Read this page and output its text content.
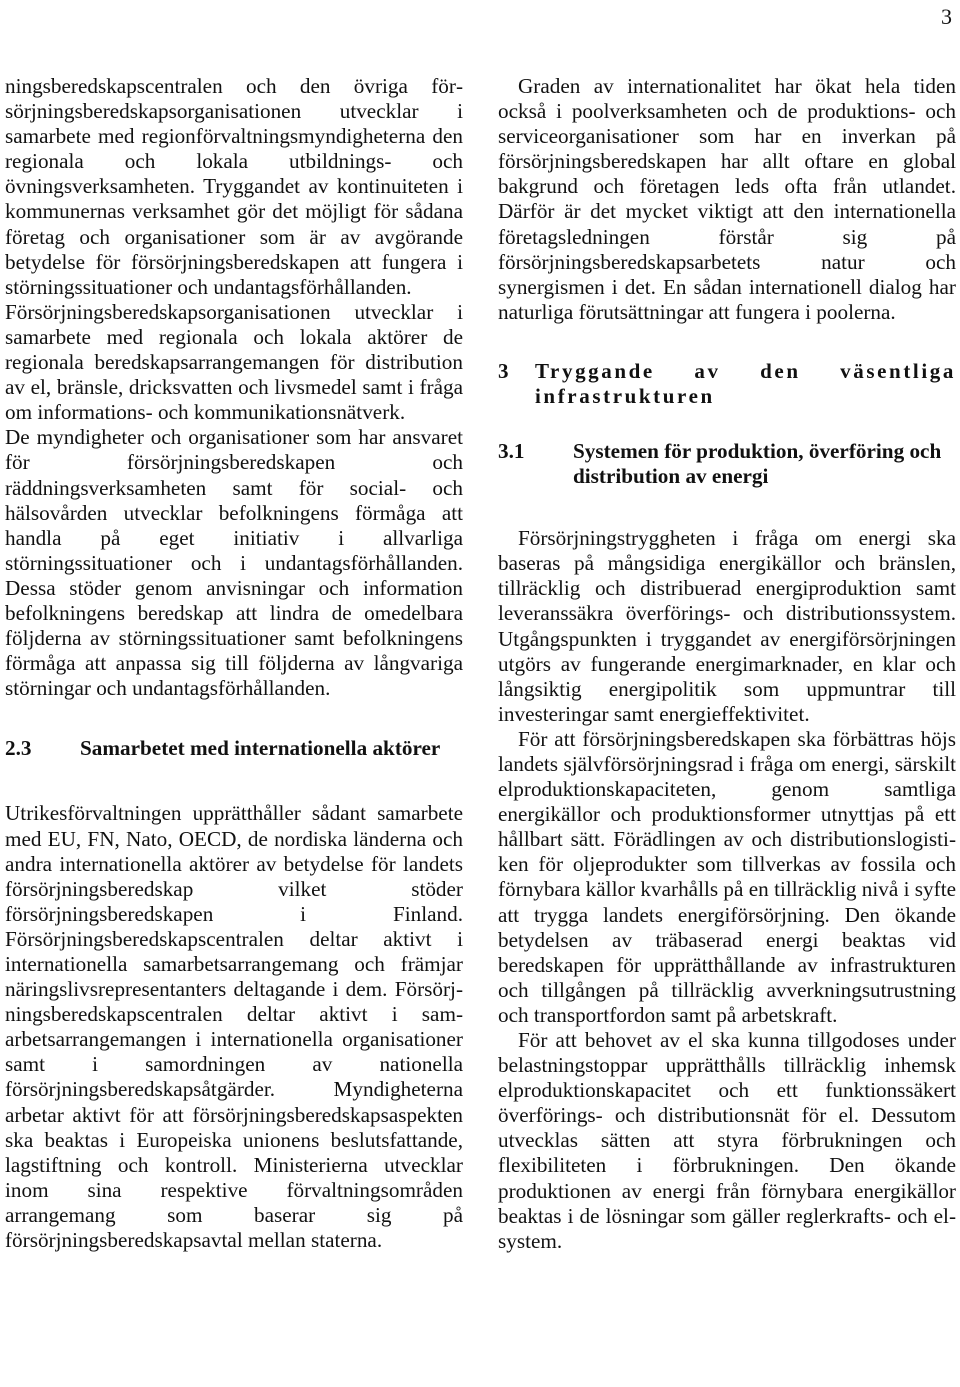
3

ningsberedskapscentralen och den övriga försörjningsberedskapsorganisationen utvecklar i samarbete med regionförvaltningsmyndigheterna den regionala och lokala utbildnings- och övningsverksamheten. Tryggandet av kontinuiteten i kommunernas verksamhet gör det möjligt för sådana företag och organisationer som är av avgörande betydelse för försörjningsberedskapen att fungera i störningssituationer och undantagsförhållanden.

Försörjningsberedskapsorganisationen utvecklar i samarbete med regionala och lokala aktörer de regionala beredskapsarrangemangen för distribution av el, bränsle, dricksvatten och livsmedel samt i fråga om informations- och kommunikationsnätverk.

De myndigheter och organisationer som har ansvaret för försörjningsberedskapen och räddningsverksamheten samt för social- och hälsovården utvecklar befolkningens förmåga att handla på eget initiativ i allvarliga störningssituationer och i undantagsförhållanden. Dessa stöder genom anvisningar och information befolkningens beredskap att lindra de omedelbara följderna av störningssituationer samt befolkningens förmåga att anpassa sig till följderna av långvariga störningar och undantagsförhållanden.

2.3	Samarbetet med internationella aktörer

Utrikesförvaltningen upprätthåller sådant samarbete med EU, FN, Nato, OECD, de nordiska länderna och andra internationella aktörer av betydelse för landets försörjningsberedskap vilket stöder försörjningsberedskapen i Finland. Försörjningsberedskapscentralen deltar aktivt i internationella samarbetsarrangemang och främjar näringslivsrepresentanters deltagande i dem. Försörjningsberedskapscentralen deltar aktivt i samarbetsarrangemangen i internationella organisationer samt i samordningen av nationella försörjningsberedskapsåtgärder. Myndigheterna arbetar aktivt för att försörjningsberedskapsaspekten ska beaktas i Europeiska unionens beslutsfattande, lagstiftning och kontroll. Ministerierna utvecklar inom sina respektive förvaltningsområden arrangemang som baserar sig på försörjningsberedskapsavtal mellan staterna.

Graden av internationalitet har ökat hela tiden också i poolverksamheten och de produktions- och serviceorganisationer som har en inverkan på försörjningsberedskapen har allt oftare en global bakgrund och företagen leds ofta från utlandet. Därför är det mycket viktigt att den internationella företagsledningen förstår sig på försörjningsberedskapsarbetets natur och synergismen i det. En sådan internationell dialog har naturliga förutsättningar att fungera i poolerna.

3	Tryggande av den väsentliga infrastrukturen
3.1	Systemen för produktion, överföring och distribution av energi

Försörjningstryggheten i fråga om energi ska baseras på mångsidiga energikällor och bränslen, tillräcklig och distribuerad energiproduktion samt leveranssäkra överförings- och distributionssystem. Utgångspunkten i tryggandet av energiförsörjningen utgörs av fungerande energimarknader, en klar och långsiktig energipolitik som uppmuntrar till investeringar samt energieffektivitet.

För att försörjningsberedskapen ska förbättras höjs landets självförsörjningsrad i fråga om energi, särskilt elproduktionskapaciteten, genom samtliga energikällor och produktionsformer utnyttjas på ett hållbart sätt. Förädlingen av och distributionslogistiken för oljeprodukter som tillverkas av fossila och förnybara källor kvarhålls på en tillräcklig nivå i syfte att trygga landets energiförsörjning. Den ökande betydelsen av träbaserad energi beaktas vid beredskapen för upprätthållande av infrastrukturen och tillgången på tillräcklig avverkningsutrustning och transportfordon samt på arbetskraft.

För att behovet av el ska kunna tillgodoses under belastningstoppar upprätthålls tillräcklig inhemsk elproduktionskapacitet och ett funktionssäkert överförings- och distributionsnät för el. Dessutom utvecklas sätten att styra förbrukningen och flexibiliteten i förbrukningen. Den ökande produktionen av energi från förnybara energikällor beaktas i de lösningar som gäller reglerkrafts- och elsystem.
